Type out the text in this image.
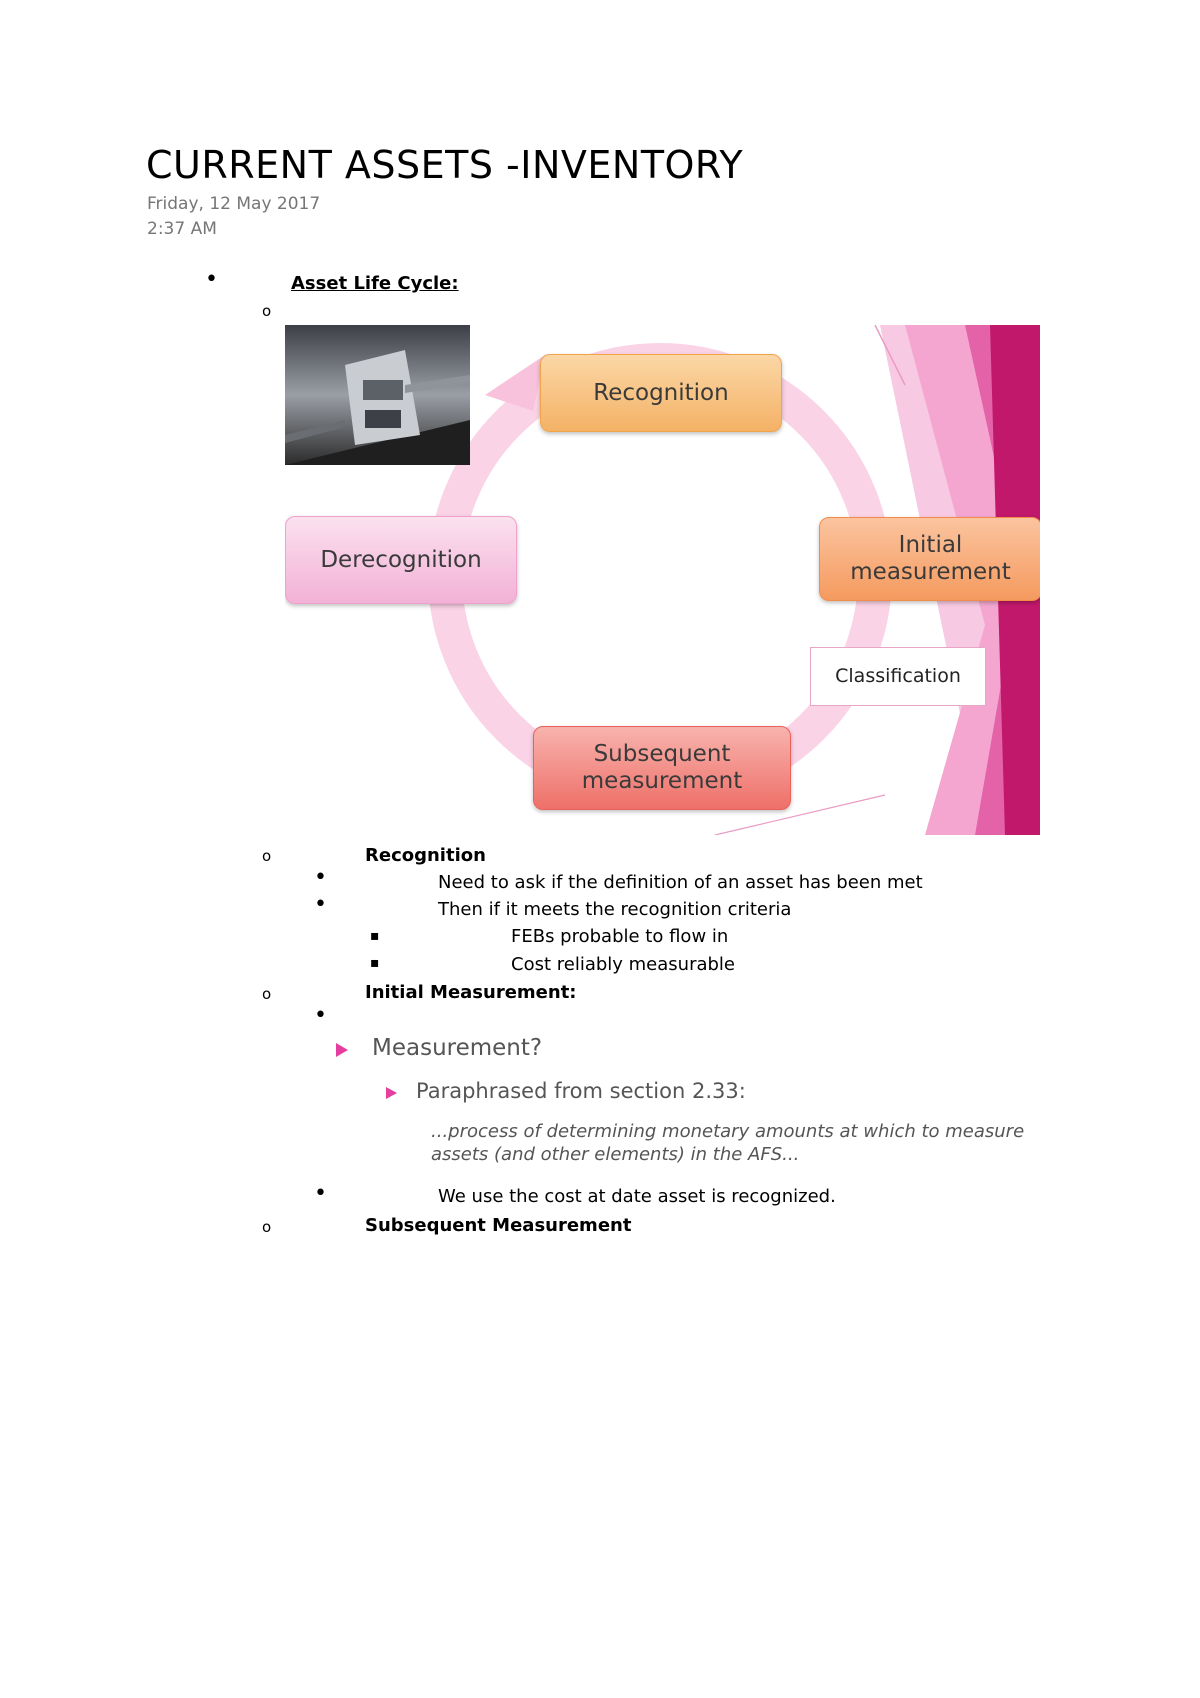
CURRENT ASSETS -INVENTORY
Friday, 12 May 2017
2:37 AM
•
Asset Life Cycle:
o
Recognition
Derecognition
Initial
measurement
Subsequent
measurement
Classification
o
Recognition
•
Need to ask if the definition of an asset has been met
•
Then if it meets the recognition criteria
▪
FEBs probable to flow in
▪
Cost reliably measurable
o
Initial Measurement:
•
Measurement?
Paraphrased from section 2.33:
...process of determining monetary amounts at which to measure
assets (and other elements) in the AFS...
•
We use the cost at date asset is recognized.
o
Subsequent Measurement
